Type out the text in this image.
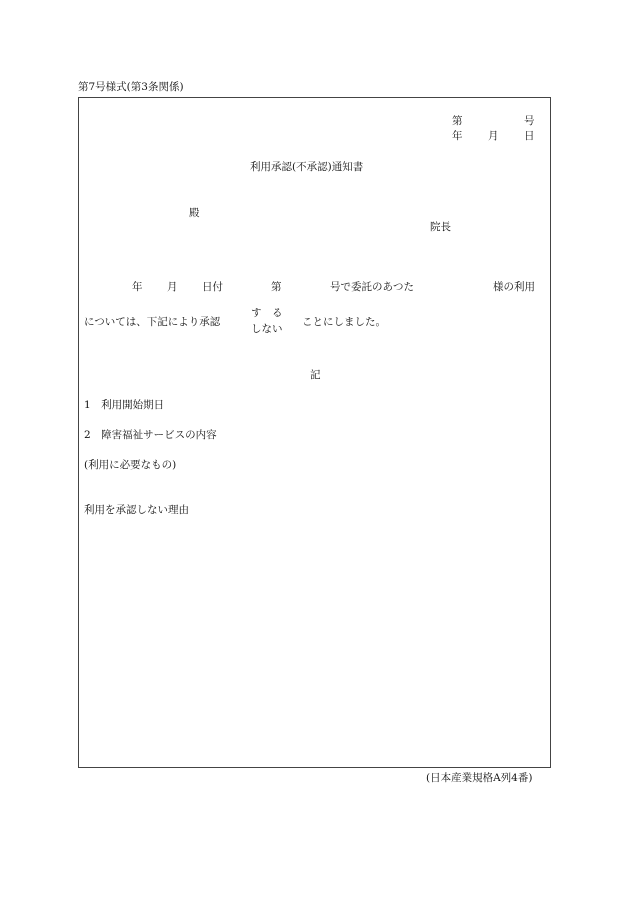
第7号様式(第3条関係)
第	号
年 月 日
利用承認(不承認)通知書
殿
院長
年 月 日付	第	号で委託のあつた	様の利用
については、下記により承認
す　る
しない
ことにしました。
記
1　利用開始期日
2　障害福祉サービスの内容
(利用に必要なもの)
利用を承認しない理由
(日本産業規格A列4番)
